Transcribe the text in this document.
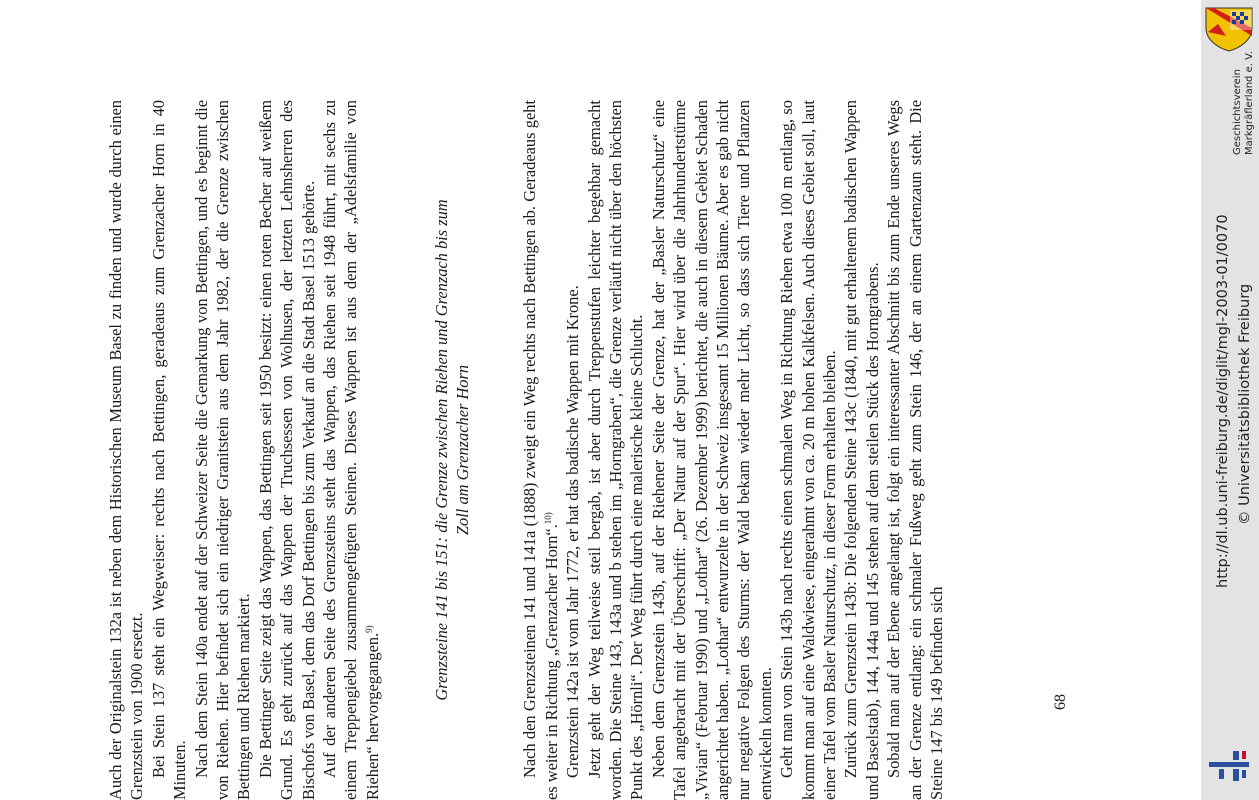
Auch der Originalstein 132a ist neben dem Historischen Museum Basel zu finden und wurde durch einen Grenzstein von 1900 ersetzt. Bei Stein 137 steht ein Wegweiser: rechts nach Bettingen, geradeaus zum Grenzacher Horn in 40 Minuten. Nach dem Stein 140a endet auf der Schweizer Seite die Gemarkung von Bettingen, und es beginnt die von Riehen. Hier befindet sich ein niedriger Granitstein aus dem Jahr 1982, der die Grenze zwischen Bettingen und Riehen markiert. Die Bettinger Seite zeigt das Wappen, das Bettingen seit 1950 besitzt: einen roten Becher auf weißem Grund. Es geht zurück auf das Wappen der Truchsessen von Wolhusen, der letzten Lehnsherren des Bischofs von Basel, dem das Dorf Bettingen bis zum Verkauf an die Stadt Basel 1513 gehörte. Auf der anderen Seite des Grenzsteins steht das Wappen, das Riehen seit 1948 führt, mit sechs zu einem Treppengiebel zusammengefügten Steinen. Dieses Wappen ist aus dem der „Adelsfamilie von Riehen“ hervorgegangen.$^{9)}$	Grenzsteine 141 bis 151: die Grenze zwischen Riehen und Grenzach bis zum Zoll am Grenzacher Horn	Nach den Grenzsteinen 141 und 141a (1888) zweigt ein Weg rechts nach Bettingen ab. Geradeaus geht es weiter in Richtung „Grenzacher Horn“.$^{10)}$ Grenzstein 142a ist vom Jahr 1772, er hat das badische Wappen mit Krone. Jetzt geht der Weg teilweise steil bergab, ist aber durch Treppenstufen leichter begehbar gemacht worden. Die Steine 143, 143a und b stehen im „Horngraben“, die Grenze verläuft nicht über den höchsten Punkt des „Hörnli“. Der Weg führt durch eine malerische kleine Schlucht. Neben dem Grenzstein 143b, auf der Riehener Seite der Grenze, hat der „Basler Naturschutz“ eine Tafel angebracht mit der Überschrift: „Der Natur auf der Spur“. Hier wird über die Jahrhundertstürme „Vivian“ (Februar 1990) und „Lothar“ (26. Dezember 1999) berichtet, die auch in diesem Gebiet Schaden angerichtet haben. „Lothar“ entwurzelte in der Schweiz insgesamt 15 Millionen Bäume. Aber es gab nicht nur negative Folgen des Sturms: der Wald bekam wieder mehr Licht, so dass sich Tiere und Pflanzen entwickeln konnten. Geht man von Stein 143b nach rechts einen schmalen Weg in Richtung Riehen etwa 100 m entlang, so kommt man auf eine Waldwiese, eingerahmt von ca. 20 m hohen Kalkfelsen. Auch dieses Gebiet soll, laut einer Tafel vom Basler Naturschutz, in dieser Form erhalten bleiben. Zurück zum Grenzstein 143b: Die folgenden Steine 143c (1840, mit gut erhaltenem badischen Wappen und Baselstab), 144, 144a und 145 stehen auf dem steilen Stück des Horngrabens. Sobald man auf der Ebene angelangt ist, folgt ein interessanter Abschnitt bis zum Ende unseres Wegs an der Grenze entlang: ein schmaler Fußweg geht zum Stein 146, der an einem Gartenzaun steht. Die Steine 147 bis 149 befinden sich	68
Geschichtsverein Markgräflerland e. V.
http://dl.ub.uni-freiburg.de/diglit/mgl-2003-01/0070 © Universitätsbibliothek Freiburg
